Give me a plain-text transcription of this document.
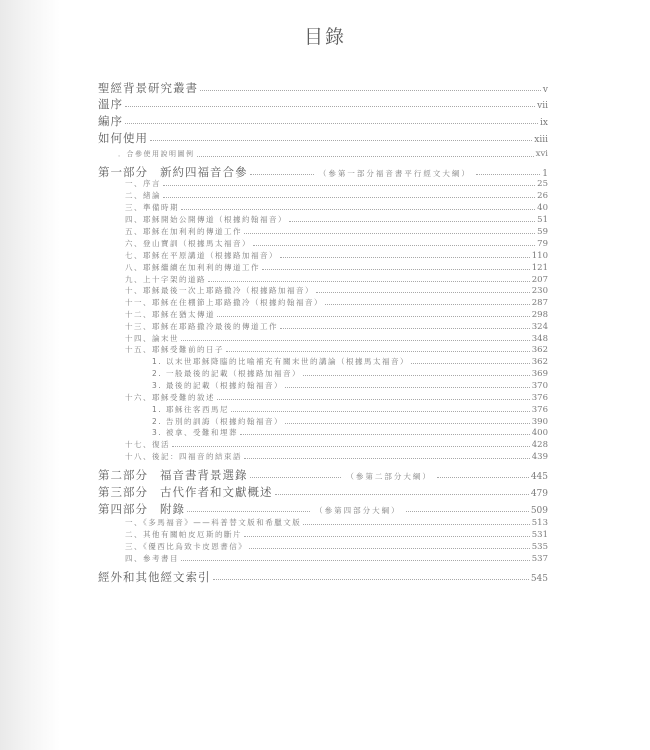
目錄
聖經背景研究叢書	v
溫序	vii
編序	ix
如何使用	xiii
．合參使用說明圖例	xvi
第一部分 新約四福音合參	（參第一部分福音書平行經文大綱）	1
一、序言	25
二、緒論	26
三、準備時期	40
四、耶穌開始公開傳道（根據約翰福音）	51
五、耶穌在加利利的傳道工作	59
六、登山寶訓（根據馬太福音）	79
七、耶穌在平原講道（根據路加福音）	110
八、耶穌繼續在加利利的傳道工作	121
九、上十字架的道路	207
十、耶穌最後一次上耶路撒冷（根據路加福音）	230
十一、耶穌在住棚節上耶路撒冷（根據約翰福音）	287
十二、耶穌在猶太傳道	298
十三、耶穌在耶路撒冷最後的傳道工作	324
十四、論末世	348
十五、耶穌受難前的日子	362
1. 以末世耶穌降臨的比喻補充有關末世的講論（根據馬太福音）	362
2. 一般最後的記載（根據路加福音）	369
3. 最後的記載（根據約翰福音）	370
十六、耶穌受難的敘述	376
1. 耶穌往客西馬尼	376
2. 告別的訓誨（根據約翰福音）	390
3. 被拿、受難和埋葬	400
十七、復活	428
十八、後記：四福音的結束語	439
第二部分 福音書背景選錄	（參第二部分大綱）	445
第三部分 古代作者和文獻概述	479
第四部分 附錄	（參第四部分大綱）	509
一、《多馬福音》——科普替文版和希臘文版	513
二、其他有關帕皮厄斯的斷片	531
三、《優西比烏致卡皮恩書信》	535
四、參考書目	537
經外和其他經文索引	545
